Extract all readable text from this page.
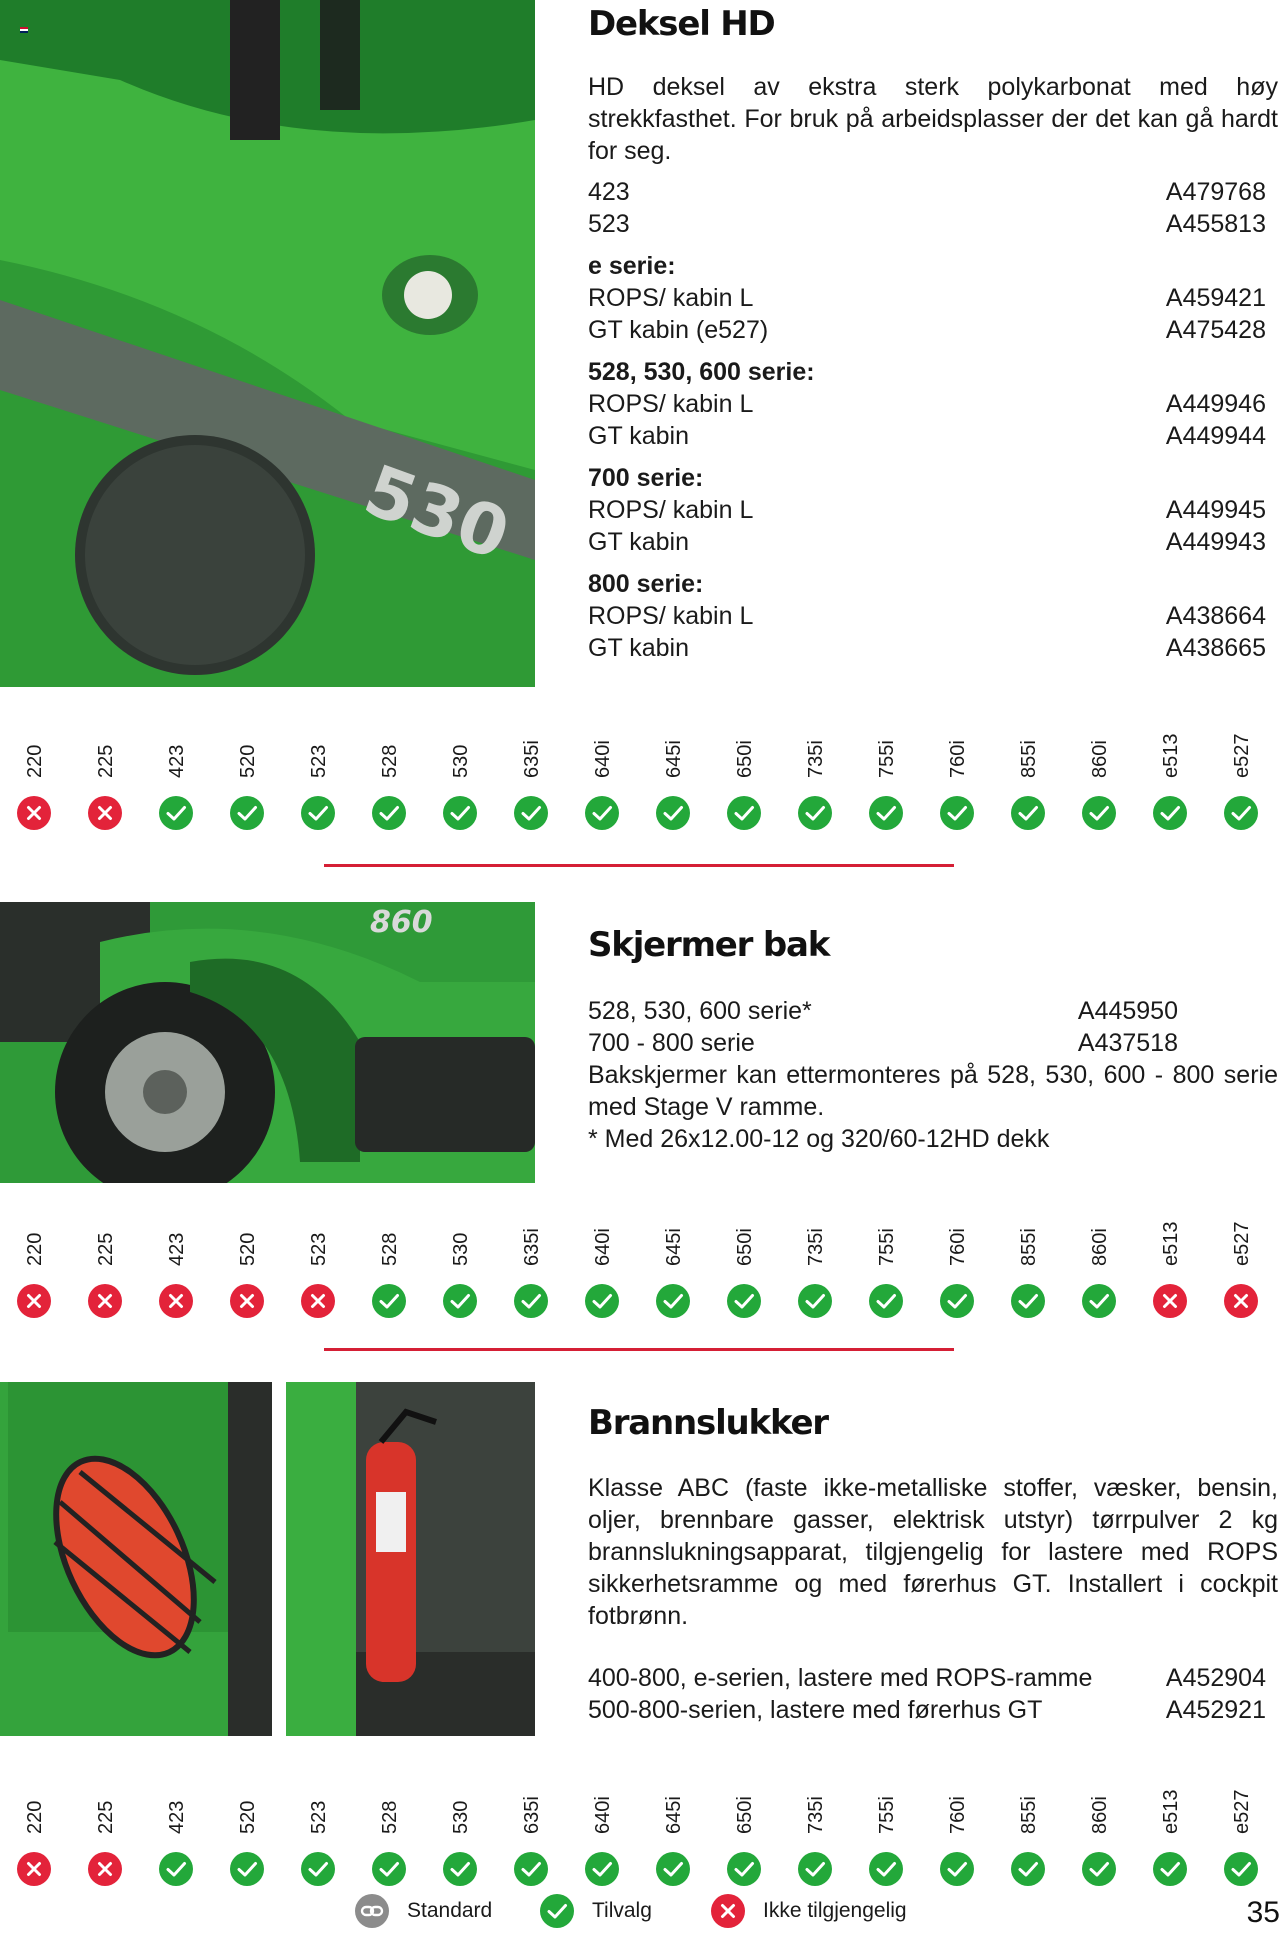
530
Deksel HD
HD deksel av ekstra sterk polykarbonat med høy strekkfasthet. For bruk på arbeidsplasser der det kan gå hardt for seg.
423	A479768
523	A455813
e serie:
ROPS/ kabin L	A459421
GT kabin (e527)	A475428
528, 530, 600 serie:
ROPS/ kabin L	A449946
GT kabin	A449944
700 serie:
ROPS/ kabin L	A449945
GT kabin	A449943
800 serie:
ROPS/ kabin L	A438664
GT kabin	A438665
220 225 423 520 523 528 530 635i 640i 645i 650i 735i 755i 760i 855i 860i e513 e527
860
Skjermer bak
528, 530, 600 serie*	A445950
700 - 800 serie	A437518
Bakskjermer kan ettermonteres på 528, 530, 600 - 800 serie med Stage V ramme.
* Med 26x12.00-12 og 320/60-12HD dekk
220 225 423 520 523 528 530 635i 640i 645i 650i 735i 755i 760i 855i 860i e513 e527
Brannslukker
Klasse ABC (faste ikke-metalliske stoffer, væsker, bensin, oljer, brennbare gasser, elektrisk utstyr) tørrpulver 2 kg brannslukningsapparat, tilgjengelig for lastere med ROPS sikkerhetsramme og med førerhus GT. Installert i cockpit fotbrønn.
400-800, e-serien, lastere med ROPS-ramme	A452904
500-800-serien, lastere med førerhus GT	A452921
220 225 423 520 523 528 530 635i 640i 645i 650i 735i 755i 760i 855i 860i e513 e527
Standard	Tilvalg	Ikke tilgjengelig	35
